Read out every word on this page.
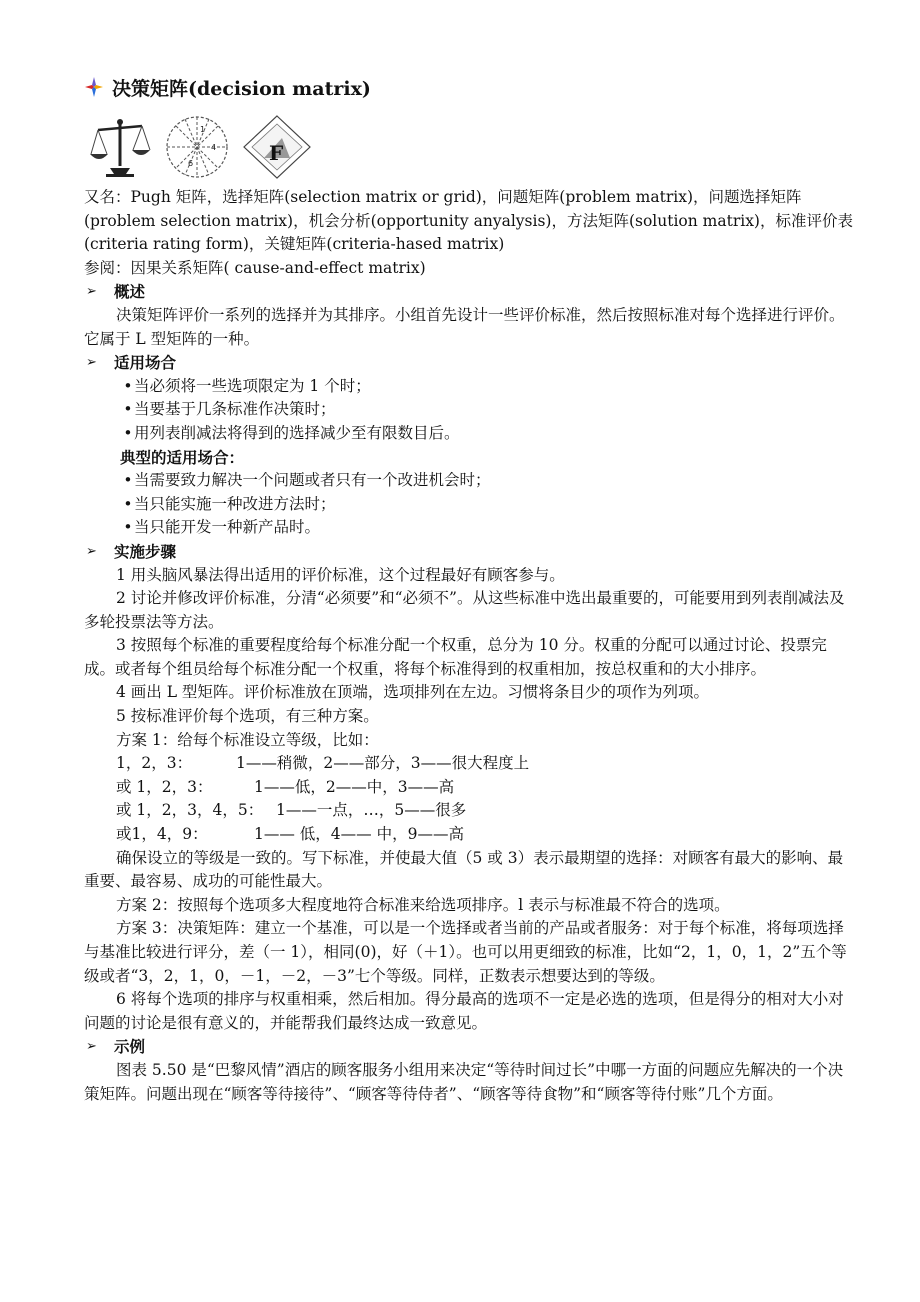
决策矩阵(decision matrix)
1
4
6	F

又名：Pugh 矩阵，选择矩阵(selection matrix or grid)，问题矩阵(problem matrix)，问题选择矩阵(problem selection matrix)，机会分析(opportunity anyalysis)，方法矩阵(solution matrix)，标准评价表(criteria rating form)，关键矩阵(criteria-hased matrix)

参阅：因果关系矩阵( cause-and-effect matrix)

➢	概述

决策矩阵评价一系列的选择并为其排序。小组首先设计一些评价标准，然后按照标准对每个选择进行评价。它属于 L 型矩阵的一种。

➢	适用场合
•当必须将一些选项限定为 1 个时；
•当要基于几条标准作决策时；
•用列表削减法将得到的选择减少至有限数目后。
典型的适用场合：
•当需要致力解决一个问题或者只有一个改进机会时；
•当只能实施一种改进方法时；
•当只能开发一种新产品时。
➢	实施步骤

1 用头脑风暴法得出适用的评价标准，这个过程最好有顾客参与。

2 讨论并修改评价标准，分清“必须要”和“必须不”。从这些标准中选出最重要的，可能要用到列表削减法及多轮投票法等方法。

3 按照每个标准的重要程度给每个标准分配一个权重，总分为 10 分。权重的分配可以通过讨论、投票完成。或者每个组员给每个标准分配一个权重，将每个标准得到的权重相加，按总权重和的大小排序。

4 画出 L 型矩阵。评价标准放在顶端，选项排列在左边。习惯将条目少的项作为列项。

5 按标准评价每个选项，有三种方案。

方案 1：给每个标准设立等级，比如：

1，2，3：	1——稍微，2——部分，3——很大程度上
或 1，2，3：	1——低，2——中，3——高
或 1，2，3，4，5： 1——一点，…，5——很多
或1，4，9：	1—— 低，4—— 中，9——高

确保设立的等级是一致的。写下标准，并使最大值（5 或 3）表示最期望的选择：对顾客有最大的影响、最重要、最容易、成功的可能性最大。

方案 2：按照每个选项多大程度地符合标准来给选项排序。l 表示与标准最不符合的选项。

方案 3：决策矩阵：建立一个基准，可以是一个选择或者当前的产品或者服务：对于每个标准，将每项选择与基准比较进行评分，差（一 1），相同(0)，好（＋1）。也可以用更细致的标准，比如“2，1，0，1，2”五个等级或者“3，2，1，0，－1，－2，－3”七个等级。同样，正数表示想要达到的等级。

6 将每个选项的排序与权重相乘，然后相加。得分最高的选项不一定是必选的选项，但是得分的相对大小对问题的讨论是很有意义的，并能帮我们最终达成一致意见。

➢	示例

图表 5.50 是“巴黎风情”酒店的顾客服务小组用来决定“等待时间过长”中哪一方面的问题应先解决的一个决策矩阵。问题出现在“顾客等待接待”、“顾客等待侍者”、“顾客等待食物”和“顾客等待付账”几个方面。
